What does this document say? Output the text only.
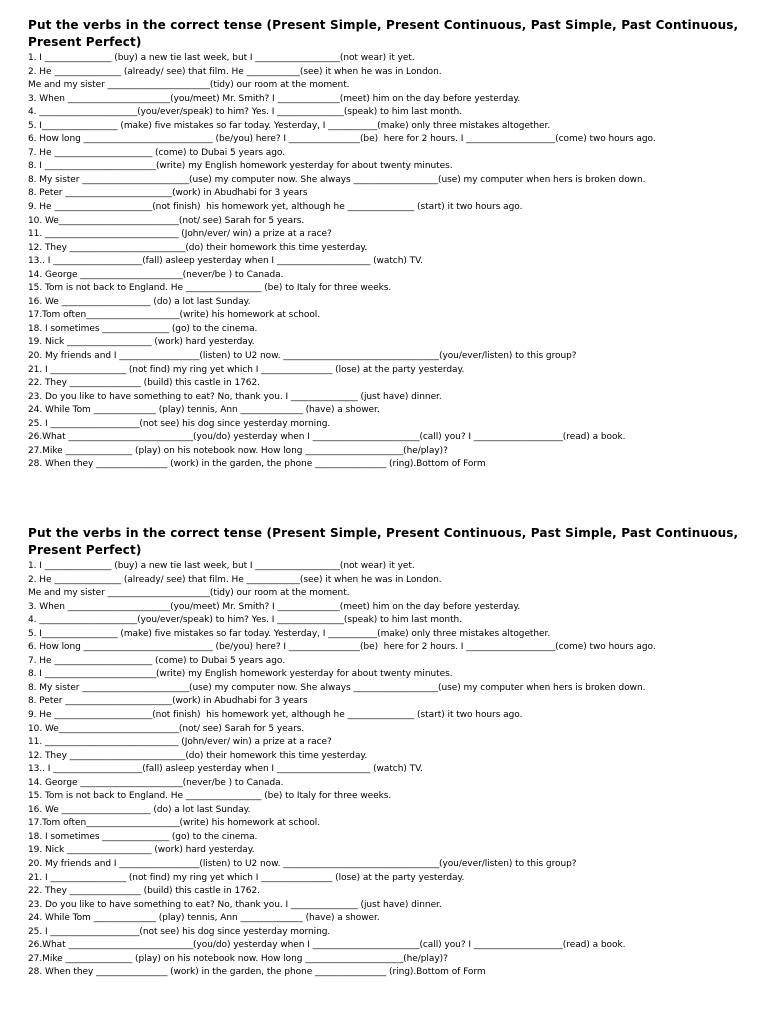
Put the verbs in the correct tense (Present Simple, Present Continuous, Past Simple, Past Continuous, Present Perfect)

1. I _______________ (buy) a new tie last week, but I ___________________(not wear) it yet.

2. He _______________ (already/ see) that film. He ____________(see) it when he was in London.

Me and my sister _______________________(tidy) our room at the moment.

3. When _______________________(you/meet) Mr. Smith? I ______________(meet) him on the day before yesterday.

4. ______________________(you/ever/speak) to him? Yes. I _______________(speak) to him last month.

5. I_________________ (make) five mistakes so far today. Yesterday, I ___________(make) only three mistakes altogether.

6. How long _____________________________ (be/you) here? I ________________(be)  here for 2 hours. I ____________________(come) two hours ago.

7. He ______________________ (come) to Dubai 5 years ago.

8. I _________________________(write) my English homework yesterday for about twenty minutes.

8. My sister ________________________(use) my computer now. She always ___________________(use) my computer when hers is broken down.

8. Peter ________________________(work) in Abudhabi for 3 years

9. He ______________________(not finish)  his homework yet, although he _______________ (start) it two hours ago.

10. We___________________________(not/ see) Sarah for 5 years.

11. ______________________________ (John/ever/ win) a prize at a race?

12. They __________________________(do) their homework this time yesterday.

13.. I ____________________(fall) asleep yesterday when I _____________________ (watch) TV.

14. George _______________________(never/be ) to Canada.

15. Tom is not back to England. He _________________ (be) to Italy for three weeks.

16. We ____________________ (do) a lot last Sunday.

17.Tom often_____________________(write) his homework at school.

18. I sometimes _______________ (go) to the cinema.

19. Nick ___________________ (work) hard yesterday.

20. My friends and I __________________(listen) to U2 now. ___________________________________(you/ever/listen) to this group?

21. I _________________ (not find) my ring yet which I ________________ (lose) at the party yesterday.

22. They ________________ (build) this castle in 1762.

23. Do you like to have something to eat? No, thank you. I _______________ (just have) dinner.

24. While Tom ______________ (play) tennis, Ann ______________ (have) a shower.

25. I ____________________(not see) his dog since yesterday morning.

26.What ____________________________(you/do) yesterday when I ________________________(call) you? I ____________________(read) a book.

27.Mike _______________ (play) on his notebook now. How long ______________________(he/play)?

28. When they ________________ (work) in the garden, the phone ________________ (ring).Bottom of Form

Put the verbs in the correct tense (Present Simple, Present Continuous, Past Simple, Past Continuous, Present Perfect)

1. I _______________ (buy) a new tie last week, but I ___________________(not wear) it yet.

2. He _______________ (already/ see) that film. He ____________(see) it when he was in London.

Me and my sister _______________________(tidy) our room at the moment.

3. When _______________________(you/meet) Mr. Smith? I ______________(meet) him on the day before yesterday.

4. ______________________(you/ever/speak) to him? Yes. I _______________(speak) to him last month.

5. I_________________ (make) five mistakes so far today. Yesterday, I ___________(make) only three mistakes altogether.

6. How long _____________________________ (be/you) here? I ________________(be)  here for 2 hours. I ____________________(come) two hours ago.

7. He ______________________ (come) to Dubai 5 years ago.

8. I _________________________(write) my English homework yesterday for about twenty minutes.

8. My sister ________________________(use) my computer now. She always ___________________(use) my computer when hers is broken down.

8. Peter ________________________(work) in Abudhabi for 3 years

9. He ______________________(not finish)  his homework yet, although he _______________ (start) it two hours ago.

10. We___________________________(not/ see) Sarah for 5 years.

11. ______________________________ (John/ever/ win) a prize at a race?

12. They __________________________(do) their homework this time yesterday.

13.. I ____________________(fall) asleep yesterday when I _____________________ (watch) TV.

14. George _______________________(never/be ) to Canada.

15. Tom is not back to England. He _________________ (be) to Italy for three weeks.

16. We ____________________ (do) a lot last Sunday.

17.Tom often_____________________(write) his homework at school.

18. I sometimes _______________ (go) to the cinema.

19. Nick ___________________ (work) hard yesterday.

20. My friends and I __________________(listen) to U2 now. ___________________________________(you/ever/listen) to this group?

21. I _________________ (not find) my ring yet which I ________________ (lose) at the party yesterday.

22. They ________________ (build) this castle in 1762.

23. Do you like to have something to eat? No, thank you. I _______________ (just have) dinner.

24. While Tom ______________ (play) tennis, Ann ______________ (have) a shower.

25. I ____________________(not see) his dog since yesterday morning.

26.What ____________________________(you/do) yesterday when I ________________________(call) you? I ____________________(read) a book.

27.Mike _______________ (play) on his notebook now. How long ______________________(he/play)?

28. When they ________________ (work) in the garden, the phone ________________ (ring).Bottom of Form
